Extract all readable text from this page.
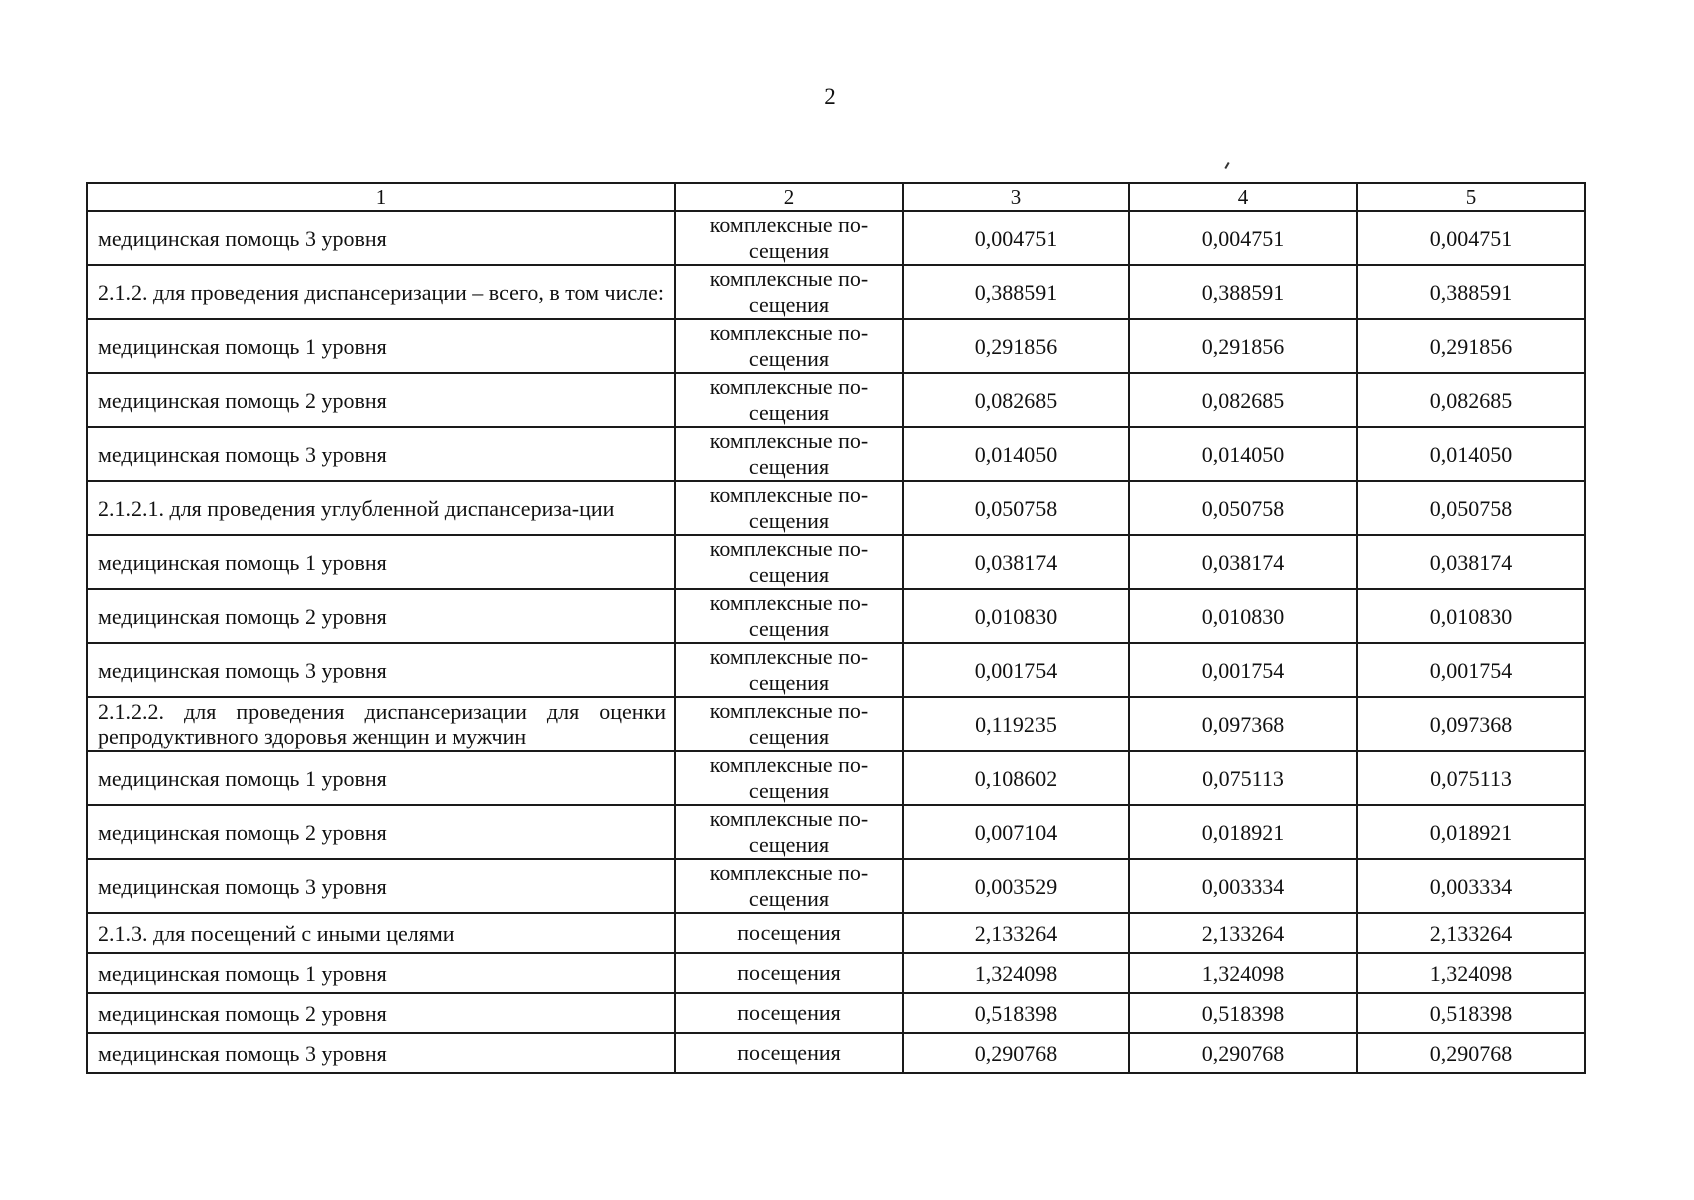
2
1	2	3	4	5
медицинская помощь 3 уровня	комплексные по-сещения	0,004751	0,004751	0,004751
2.1.2. для проведения диспансеризации – всего, в том числе:	комплексные по-сещения	0,388591	0,388591	0,388591
медицинская помощь 1 уровня	комплексные по-сещения	0,291856	0,291856	0,291856
медицинская помощь 2 уровня	комплексные по-сещения	0,082685	0,082685	0,082685
медицинская помощь 3 уровня	комплексные по-сещения	0,014050	0,014050	0,014050
2.1.2.1. для проведения углубленной диспансериза-ции	комплексные по-сещения	0,050758	0,050758	0,050758
медицинская помощь 1 уровня	комплексные по-сещения	0,038174	0,038174	0,038174
медицинская помощь 2 уровня	комплексные по-сещения	0,010830	0,010830	0,010830
медицинская помощь 3 уровня	комплексные по-сещения	0,001754	0,001754	0,001754
2.1.2.2. для проведения диспансеризации для оценки репродуктивного здоровья женщин и мужчин	комплексные по-сещения	0,119235	0,097368	0,097368
медицинская помощь 1 уровня	комплексные по-сещения	0,108602	0,075113	0,075113
медицинская помощь 2 уровня	комплексные по-сещения	0,007104	0,018921	0,018921
медицинская помощь 3 уровня	комплексные по-сещения	0,003529	0,003334	0,003334
2.1.3. для посещений с иными целями	посещения	2,133264	2,133264	2,133264
медицинская помощь 1 уровня	посещения	1,324098	1,324098	1,324098
медицинская помощь 2 уровня	посещения	0,518398	0,518398	0,518398
медицинская помощь 3 уровня	посещения	0,290768	0,290768	0,290768
